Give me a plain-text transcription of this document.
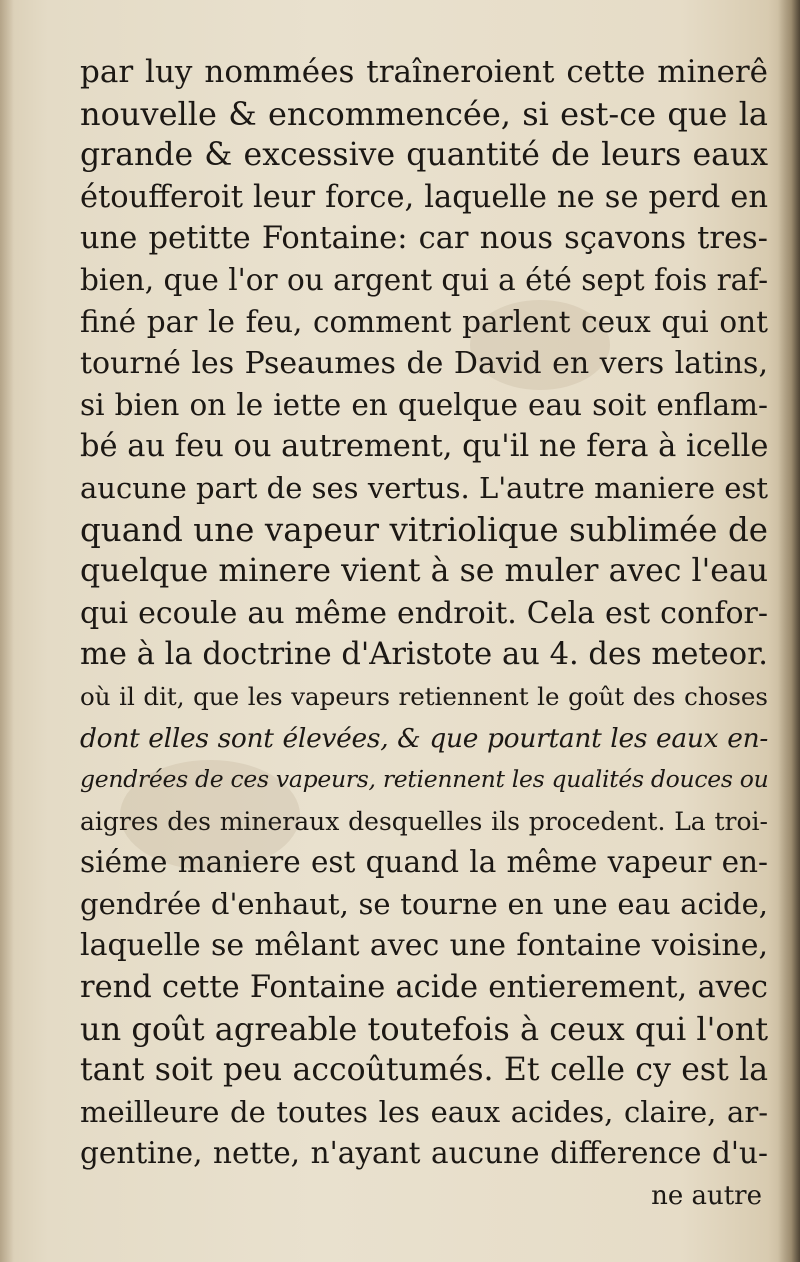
par luy nommées traîneroient cette minerê
nouvelle & encommencée, si est-ce que la
grande & excessive quantité de leurs eaux
étoufferoit leur force, laquelle ne se perd en
une petitte Fontaine: car nous sçavons tres-
bien, que l'or ou argent qui a été sept fois raf-
finé par le feu, comment parlent ceux qui ont
tourné les Pseaumes de David en vers latins,
si bien on le iette en quelque eau soit enflam-
bé au feu ou autrement, qu'il ne fera à icelle
aucune part de ses vertus. L'autre maniere est
quand une vapeur vitriolique sublimée de
quelque minere vient à se muler avec l'eau
qui ecoule au même endroit. Cela est confor-
me à la doctrine d'Aristote au 4. des meteor.
où il dit, que les vapeurs retiennent le goût des choses
dont elles sont élevées, & que pourtant les eaux en-
gendrées de ces vapeurs, retiennent les qualités douces ou
aigres des mineraux desquelles ils procedent. La troi-
siéme maniere est quand la même vapeur en-
gendrée d'enhaut, se tourne en une eau acide,
laquelle se mêlant avec une fontaine voisine,
rend cette Fontaine acide entierement, avec
un goût agreable toutefois à ceux qui l'ont
tant soit peu accoûtumés. Et celle cy est la
meilleure de toutes les eaux acides, claire, ar-
gentine, nette, n'ayant aucune difference d'u-
ne autre
